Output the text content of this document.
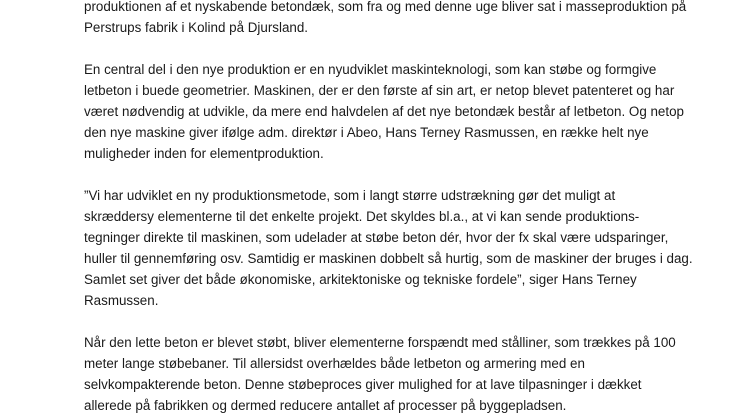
produktionen af et nyskabende betondæk, som fra og med denne uge bliver sat i masseproduktion på
Perstrups fabrik i Kolind på Djursland.

En central del i den nye produktion er en nyudviklet maskinteknologi, som kan støbe og formgive
letbeton i buede geometrier. Maskinen, der er den første af sin art, er netop blevet patenteret og har
været nødvendig at udvikle, da mere end halvdelen af det nye betondæk består af letbeton. Og netop
den nye maskine giver ifølge adm. direktør i Abeo, Hans Terney Rasmussen, en række helt nye
muligheder inden for elementproduktion.

”Vi har udviklet en ny produktionsmetode, som i langt større udstrækning gør det muligt at
skræddersy elementerne til det enkelte projekt. Det skyldes bl.a., at vi kan sende produktions-
tegninger direkte til maskinen, som udelader at støbe beton dér, hvor der fx skal være udsparinger,
huller til gennemføring osv. Samtidig er maskinen dobbelt så hurtig, som de maskiner der bruges i dag.
Samlet set giver det både økonomiske, arkitektoniske og tekniske fordele”, siger Hans Terney
Rasmussen.

Når den lette beton er blevet støbt, bliver elementerne forspændt med stålliner, som trækkes på 100
meter lange støbebaner. Til allersidst overhældes både letbeton og armering med en
selvkompakterende beton. Denne støbeproces giver mulighed for at lave tilpasninger i dækket
allerede på fabrikken og dermed reducere antallet af processer på byggepladsen.
